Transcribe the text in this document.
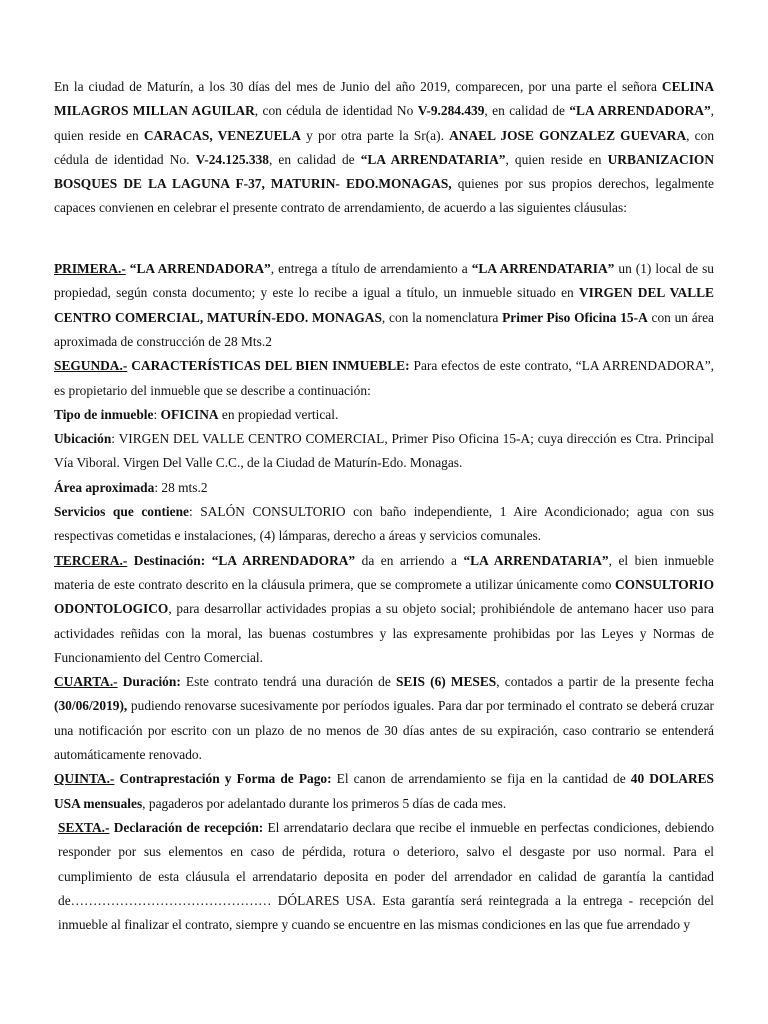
En la ciudad de Maturín, a los 30 días del mes de Junio del año 2019, comparecen, por una parte el señora CELINA MILAGROS MILLAN AGUILAR, con cédula de identidad No V-9.284.439, en calidad de “LA ARRENDADORA”, quien reside en CARACAS, VENEZUELA y por otra parte la Sr(a). ANAEL JOSE GONZALEZ GUEVARA, con cédula de identidad No. V-24.125.338, en calidad de “LA ARRENDATARIA”, quien reside en URBANIZACION BOSQUES DE LA LAGUNA F-37, MATURIN- EDO.MONAGAS, quienes por sus propios derechos, legalmente capaces convienen en celebrar el presente contrato de arrendamiento, de acuerdo a las siguientes cláusulas:

PRIMERA.- “LA ARRENDADORA”, entrega a título de arrendamiento a “LA ARRENDATARIA” un (1) local de su propiedad, según consta documento; y este lo recibe a igual a título, un inmueble situado en VIRGEN DEL VALLE CENTRO COMERCIAL, MATURÍN-EDO. MONAGAS, con la nomenclatura Primer Piso Oficina 15-A con un área aproximada de construcción de 28 Mts.2

SEGUNDA.- CARACTERÍSTICAS DEL BIEN INMUEBLE: Para efectos de este contrato, “LA ARRENDADORA”, es propietario del inmueble que se describe a continuación:

Tipo de inmueble: OFICINA en propiedad vertical.

Ubicación: VIRGEN DEL VALLE CENTRO COMERCIAL, Primer Piso Oficina 15-A; cuya dirección es Ctra. Principal Vía Viboral. Virgen Del Valle C.C., de la Ciudad de Maturín-Edo. Monagas.

Área aproximada: 28 mts.2

Servicios que contiene: SALÓN CONSULTORIO con baño independiente, 1 Aire Acondicionado; agua con sus respectivas cometidas e instalaciones, (4) lámparas, derecho a áreas y servicios comunales.

TERCERA.- Destinación: “LA ARRENDADORA” da en arriendo a “LA ARRENDATARIA”, el bien inmueble materia de este contrato descrito en la cláusula primera, que se compromete a utilizar únicamente como CONSULTORIO ODONTOLOGICO, para desarrollar actividades propias a su objeto social; prohibiéndole de antemano hacer uso para actividades reñidas con la moral, las buenas costumbres y las expresamente prohibidas por las Leyes y Normas de Funcionamiento del Centro Comercial.

CUARTA.- Duración: Este contrato tendrá una duración de SEIS (6) MESES, contados a partir de la presente fecha (30/06/2019), pudiendo renovarse sucesivamente por períodos iguales. Para dar por terminado el contrato se deberá cruzar una notificación por escrito con un plazo de no menos de 30 días antes de su expiración, caso contrario se entenderá automáticamente renovado.

QUINTA.- Contraprestación y Forma de Pago: El canon de arrendamiento se fija en la cantidad de 40 DOLARES USA mensuales, pagaderos por adelantado durante los primeros 5 días de cada mes.

SEXTA.- Declaración de recepción: El arrendatario declara que recibe el inmueble en perfectas condiciones, debiendo responder por sus elementos en caso de pérdida, rotura o deterioro, salvo el desgaste por uso normal. Para el cumplimiento de esta cláusula el arrendatario deposita en poder del arrendador en calidad de garantía la cantidad de……………………………………… DÓLARES USA. Esta garantía será reintegrada a la entrega - recepción del inmueble al finalizar el contrato, siempre y cuando se encuentre en las mismas condiciones en las que fue arrendado y
